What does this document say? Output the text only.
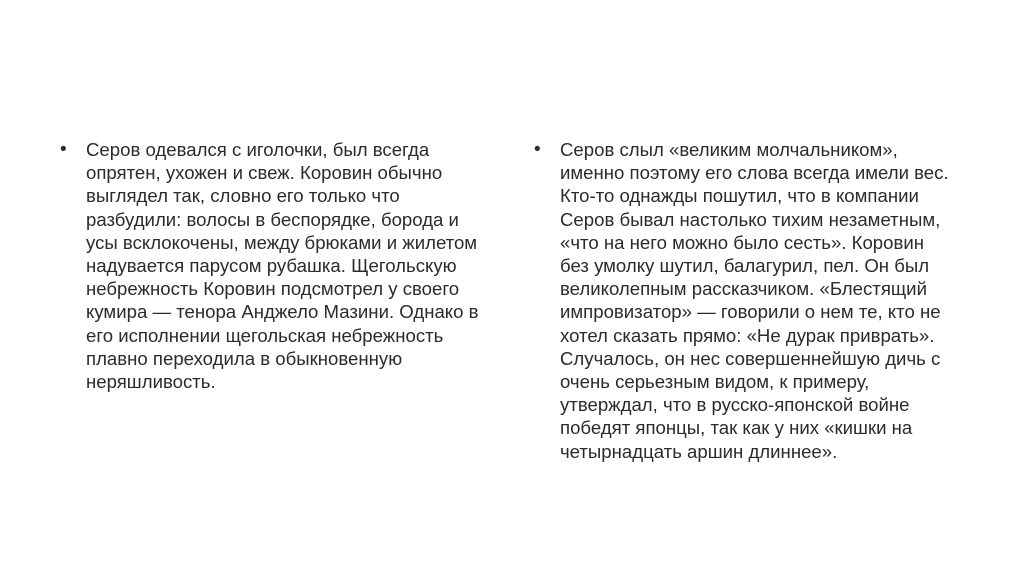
• Серов одевался с иголочки, был всегда
опрятен, ухожен и свеж. Коровин обычно
выглядел так, словно его только что
разбудили: волосы в беспорядке, борода и
усы всклокочены, между брюками и жилетом
надувается парусом рубашка. Щегольскую
небрежность Коровин подсмотрел у своего
кумира — тенора Анджело Мазини. Однако в
его исполнении щегольская небрежность
плавно переходила в обыкновенную
неряшливость.
• Серов слыл «великим молчальником»,
именно поэтому его слова всегда имели вес.
Кто-то однажды пошутил, что в компании
Серов бывал настолько тихим незаметным,
«что на него можно было сесть». Коровин
без умолку шутил, балагурил, пел. Он был
великолепным рассказчиком. «Блестящий
импровизатор» — говорили о нем те, кто не
хотел сказать прямо: «Не дурак приврать».
Случалось, он нес совершеннейшую дичь с
очень серьезным видом, к примеру,
утверждал, что в русско-японской войне
победят японцы, так как у них «кишки на
четырнадцать аршин длиннее».
